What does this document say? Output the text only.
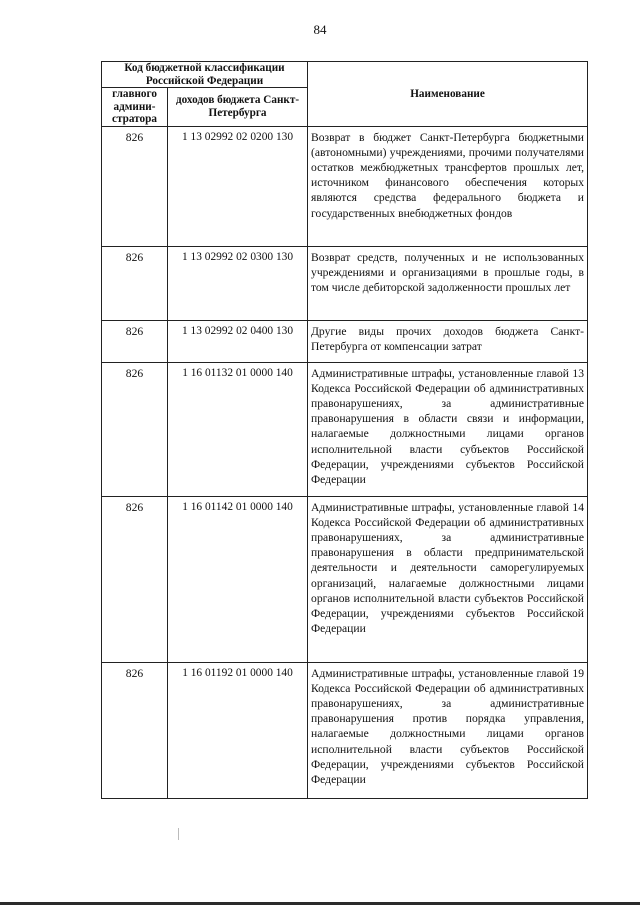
84
Код бюджетной классификации Российской Федерации		Наименование
главного админи-стратора	доходов бюджета Санкт-Петербурга	
826	1 13 02992 02 0200 130	Возврат в бюджет Санкт-Петербурга бюджетными (автономными) учреждениями, прочими получателями остатков межбюджетных трансфертов прошлых лет, источником финансового обеспечения которых являются средства федерального бюджета и государственных внебюджетных фондов
826	1 13 02992 02 0300 130	Возврат средств, полученных и не использованных учреждениями и организациями в прошлые годы, в том числе дебиторской задолженности прошлых лет
826	1 13 02992 02 0400 130	Другие виды прочих доходов бюджета Санкт-Петербурга от компенсации затрат
826	1 16 01132 01 0000 140	Административные штрафы, установленные главой 13 Кодекса Российской Федерации об административных правонарушениях, за административные правонарушения в области связи и информации, налагаемые должностными лицами органов исполнительной власти субъектов Российской Федерации, учреждениями субъектов Российской Федерации
826	1 16 01142 01 0000 140	Административные штрафы, установленные главой 14 Кодекса Российской Федерации об административных правонарушениях, за административные правонарушения в области предпринимательской деятельности и деятельности саморегулируемых организаций, налагаемые должностными лицами органов исполнительной власти субъектов Российской Федерации, учреждениями субъектов Российской Федерации
826	1 16 01192 01 0000 140	Административные штрафы, установленные главой 19 Кодекса Российской Федерации об административных правонарушениях, за административные правонарушения против порядка управления, налагаемые должностными лицами органов исполнительной власти субъектов Российской Федерации, учреждениями субъектов Российской Федерации
